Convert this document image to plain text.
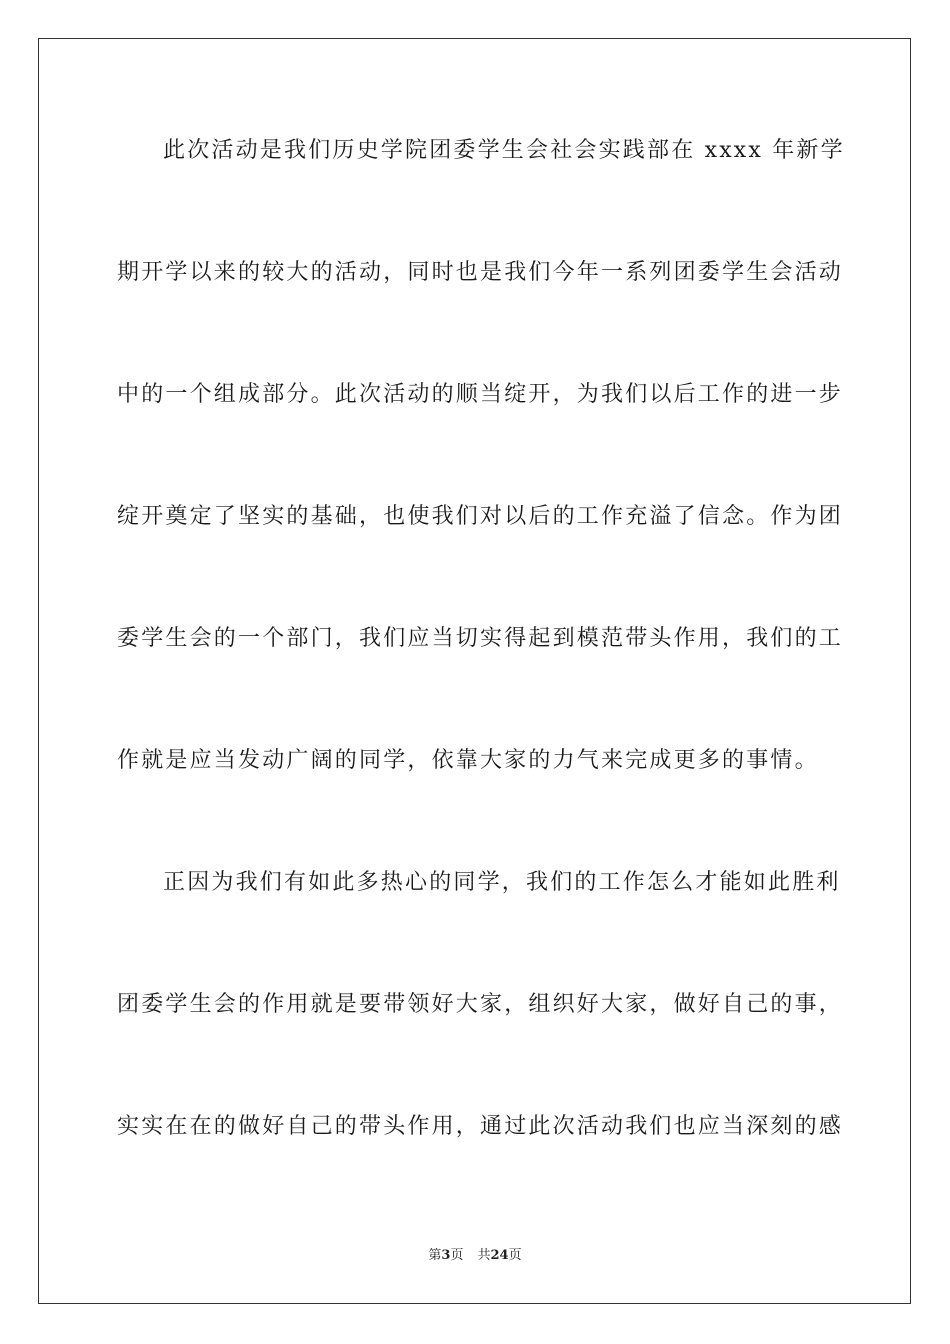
此次活动是我们历史学院团委学生会社会实践部在 xxxx 年新学
期开学以来的较大的活动，同时也是我们今年一系列团委学生会活动
中的一个组成部分。此次活动的顺当绽开，为我们以后工作的进一步
绽开奠定了坚实的基础，也使我们对以后的工作充溢了信念。作为团
委学生会的一个部门，我们应当切实得起到模范带头作用，我们的工
作就是应当发动广阔的同学，依靠大家的力气来完成更多的事情。
正因为我们有如此多热心的同学，我们的工作怎么才能如此胜利
团委学生会的作用就是要带领好大家，组织好大家，做好自己的事，
实实在在的做好自己的带头作用，通过此次活动我们也应当深刻的感
第3页 共24页
